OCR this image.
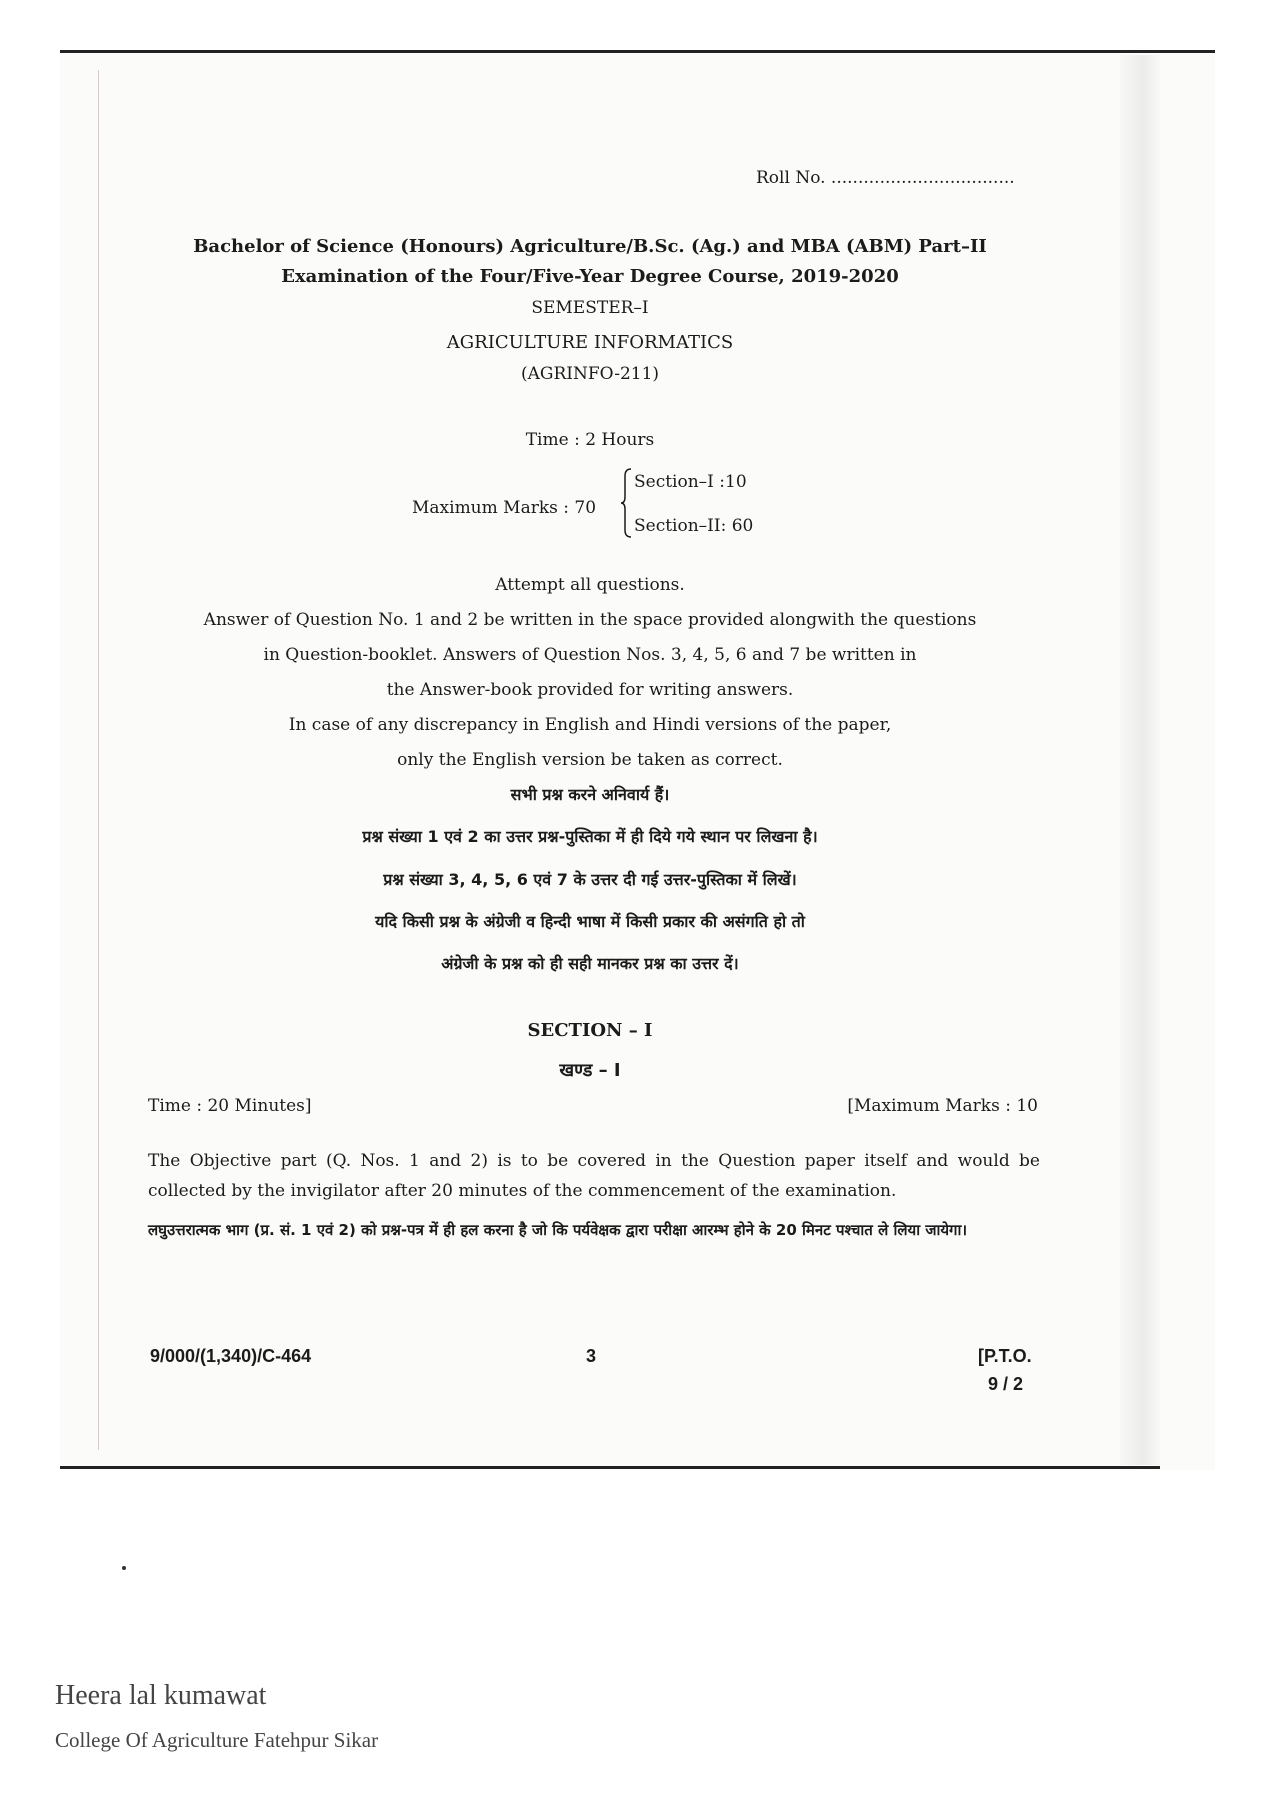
Roll No. ..................................
Bachelor of Science (Honours) Agriculture/B.Sc. (Ag.) and MBA (ABM) Part–II
Examination of the Four/Five-Year Degree Course, 2019-2020
SEMESTER–I
AGRICULTURE INFORMATICS
(AGRINFO-211)
Time : 2 Hours
Maximum Marks : 70
Section–I :10
Section–II: 60
Attempt all questions.
Answer of Question No. 1 and 2 be written in the space provided alongwith the questions
in Question-booklet. Answers of Question Nos. 3, 4, 5, 6 and 7 be written in
the Answer-book provided for writing answers.
In case of any discrepancy in English and Hindi versions of the paper,
only the English version be taken as correct.
सभी प्रश्न करने अनिवार्य हैं।
प्रश्न संख्या 1 एवं 2 का उत्तर प्रश्न-पुस्तिका में ही दिये गये स्थान पर लिखना है।
प्रश्न संख्या 3, 4, 5, 6 एवं 7 के उत्तर दी गई उत्तर-पुस्तिका में लिखें।
यदि किसी प्रश्न के अंग्रेजी व हिन्दी भाषा में किसी प्रकार की असंगति हो तो
अंग्रेजी के प्रश्न को ही सही मानकर प्रश्न का उत्तर दें।
SECTION – I
खण्ड – I
Time : 20 Minutes]	[Maximum Marks : 10
The Objective part (Q. Nos. 1 and 2) is to be covered in the Question paper itself and would be collected by the invigilator after 20 minutes of the commencement of the examination.
लघुउत्तरात्मक भाग (प्र. सं. 1 एवं 2) को प्रश्न-पत्र में ही हल करना है जो कि पर्यवेक्षक द्वारा परीक्षा आरम्भ होने के 20 मिनट पश्चात ले लिया जायेगा।
9/000/(1,340)/C-464	3	[P.T.O.
9 / 2
Heera lal kumawat
College Of Agriculture Fatehpur Sikar
